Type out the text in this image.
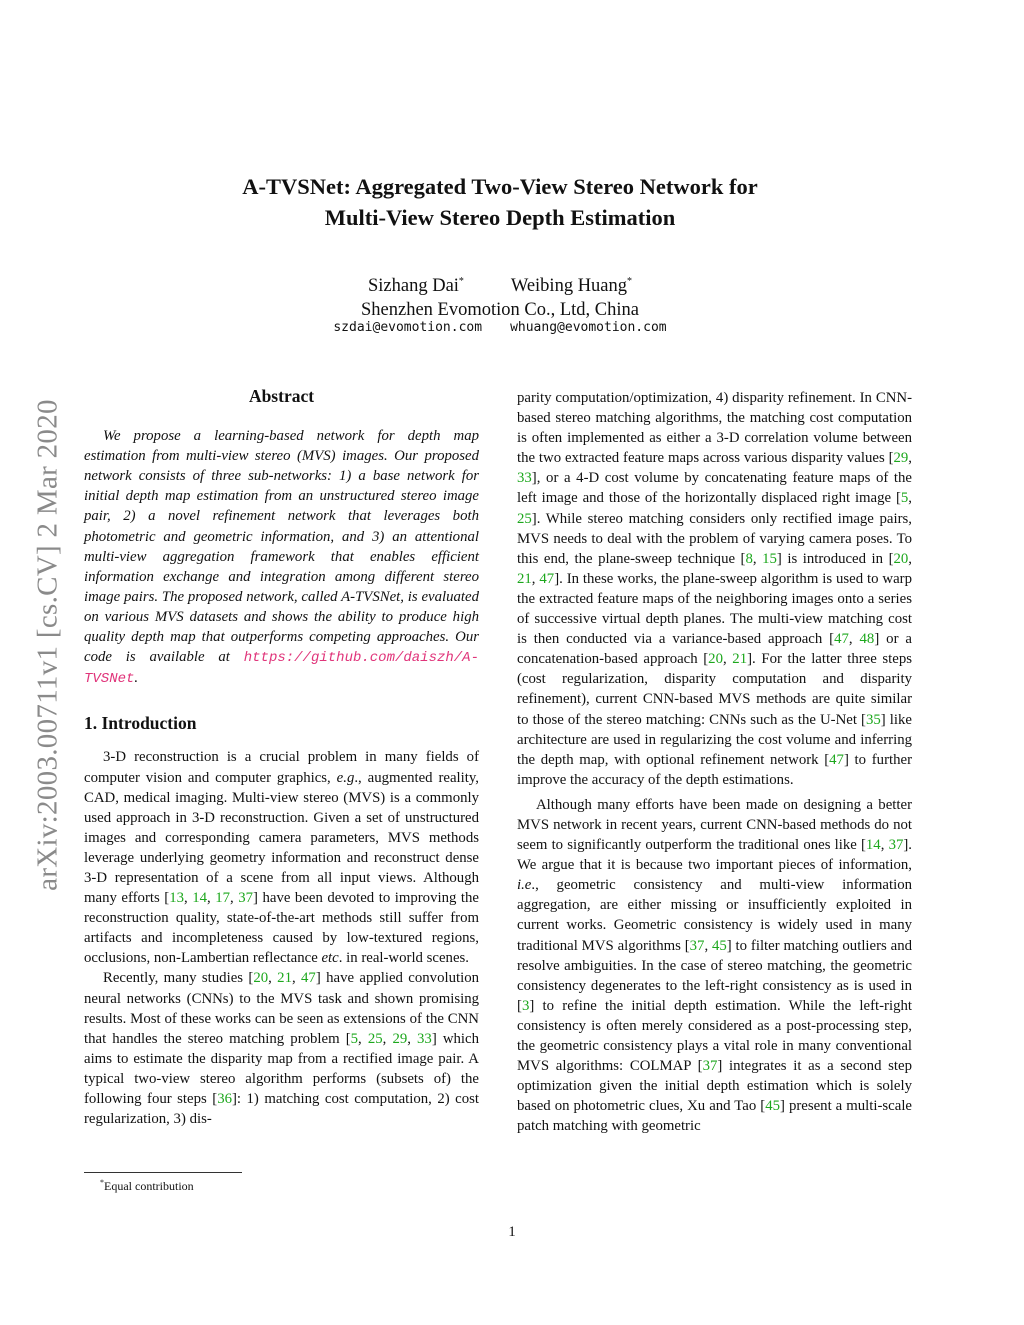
arXiv:2003.00711v1 [cs.CV] 2 Mar 2020
A-TVSNet: Aggregated Two-View Stereo Network for
Multi-View Stereo Depth Estimation
Sizhang Dai*	Weibing Huang*
Shenzhen Evomotion Co., Ltd, China
szdai@evomotion.com whuang@evomotion.com
Abstract

We propose a learning-based network for depth map estimation from multi-view stereo (MVS) images. Our proposed network consists of three sub-networks: 1) a base network for initial depth map estimation from an unstructured stereo image pair, 2) a novel refinement network that leverages both photometric and geometric information, and 3) an attentional multi-view aggregation framework that enables efficient information exchange and integration among different stereo image pairs. The proposed network, called A-TVSNet, is evaluated on various MVS datasets and shows the ability to produce high quality depth map that outperforms competing approaches. Our code is available at https://github.com/daiszh/A-TVSNet.

1. Introduction

3-D reconstruction is a crucial problem in many fields of computer vision and computer graphics, e.g., augmented reality, CAD, medical imaging. Multi-view stereo (MVS) is a commonly used approach in 3-D reconstruction. Given a set of unstructured images and corresponding camera parameters, MVS methods leverage underlying geometry information and reconstruct dense 3-D representation of a scene from all input views. Although many efforts [13, 14, 17, 37] have been devoted to improving the reconstruction quality, state-of-the-art methods still suffer from artifacts and incompleteness caused by low-textured regions, occlusions, non-Lambertian reflectance etc. in real-world scenes.

Recently, many studies [20, 21, 47] have applied convolution neural networks (CNNs) to the MVS task and shown promising results. Most of these works can be seen as extensions of the CNN that handles the stereo matching problem [5, 25, 29, 33] which aims to estimate the disparity map from a rectified image pair. A typical two-view stereo algorithm performs (subsets of) the following four steps [36]: 1) matching cost computation, 2) cost regularization, 3) dis-

parity computation/optimization, 4) disparity refinement. In CNN-based stereo matching algorithms, the matching cost computation is often implemented as either a 3-D correlation volume between the two extracted feature maps across various disparity values [29, 33], or a 4-D cost volume by concatenating feature maps of the left image and those of the horizontally displaced right image [5, 25]. While stereo matching considers only rectified image pairs, MVS needs to deal with the problem of varying camera poses. To this end, the plane-sweep technique [8, 15] is introduced in [20, 21, 47]. In these works, the plane-sweep algorithm is used to warp the extracted feature maps of the neighboring images onto a series of successive virtual depth planes. The multi-view matching cost is then conducted via a variance-based approach [47, 48] or a concatenation-based approach [20, 21]. For the latter three steps (cost regularization, disparity computation and disparity refinement), current CNN-based MVS methods are quite similar to those of the stereo matching: CNNs such as the U-Net [35] like architecture are used in regularizing the cost volume and inferring the depth map, with optional refinement network [47] to further improve the accuracy of the depth estimations.

Although many efforts have been made on designing a better MVS network in recent years, current CNN-based methods do not seem to significantly outperform the traditional ones like [14, 37]. We argue that it is because two important pieces of information, i.e., geometric consistency and multi-view information aggregation, are either missing or insufficiently exploited in current works. Geometric consistency is widely used in many traditional MVS algorithms [37, 45] to filter matching outliers and resolve ambiguities. In the case of stereo matching, the geometric consistency degenerates to the left-right consistency as is used in [3] to refine the initial depth estimation. While the left-right consistency is often merely considered as a post-processing step, the geometric consistency plays a vital role in many conventional MVS algorithms: COLMAP [37] integrates it as a second step optimization given the initial depth estimation which is solely based on photometric clues, Xu and Tao [45] present a multi-scale patch matching with geometric

*Equal contribution
1
